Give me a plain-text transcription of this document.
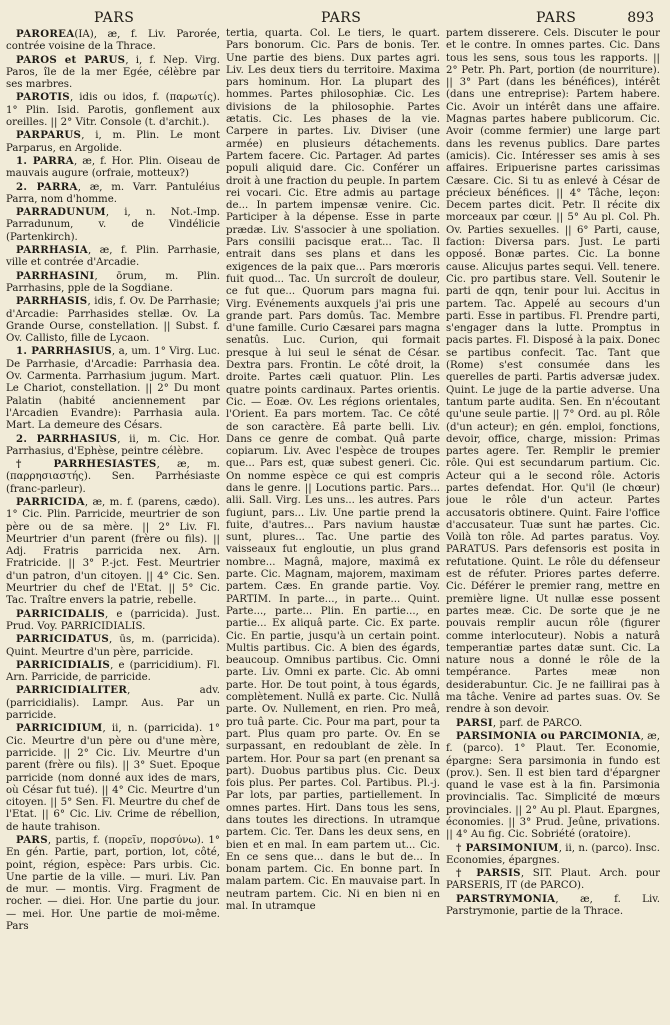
PARS	PARS	PARS	893

PAROREA(IA), æ, f. Liv. Parorée, contrée voisine de la Thrace.

PAROS et PARUS, i, f. Nep. Virg. Paros, île de la mer Egée, célèbre par ses marbres.

PAROTIS, idis ou idos, f. (παρωτίς). 1° Plin. Isid. Parotis, gonflement aux oreilles. || 2° Vitr. Console (t. d'archit.).

PARPARUS, i, m. Plin. Le mont Parparus, en Argolide.

1. PARRA, æ, f. Hor. Plin. Oiseau de mauvais augure (orfraie, motteux?)

2. PARRA, æ, m. Varr. Pantuléius Parra, nom d'homme.

PARRADUNUM, i, n. Not.-Imp. Parradunum, v. de Vindélicie (Partenkirch).

PARRHASIA, æ, f. Plin. Parrhasie, ville et contrée d'Arcadie.

PARRHASINI, ōrum, m. Plin. Parrhasins, pple de la Sogdiane.

PARRHASIS, idis, f. Ov. De Parrhasie; d'Arcadie: Parrhasides stellæ. Ov. La Grande Ourse, constellation. || Subst. f. Ov. Callisto, fille de Lycaon.

1. PARRHASIUS, a, um. 1° Virg. Luc. De Parrhasie, d'Arcadie: Parrhasia dea. Ov. Carmenta. Parrhasium jugum. Mart. Le Chariot, constellation. || 2° Du mont Palatin (habité anciennement par l'Arcadien Evandre): Parrhasia aula. Mart. La demeure des Césars.

2. PARRHASIUS, ii, m. Cic. Hor. Parrhasius, d'Ephèse, peintre célèbre.

† PARRHESIASTES, æ, m. (παρρησιαστής). Sen. Parrhésiaste (franc-parleur).

PARRICIDA, æ, m. f. (parens, cædo). 1° Cic. Plin. Parricide, meurtrier de son père ou de sa mère. || 2° Liv. Fl. Meurtrier d'un parent (frère ou fils). || Adj. Fratris parricida nex. Arn. Fratricide. || 3° P.-jct. Fest. Meurtrier d'un patron, d'un citoyen. || 4° Cic. Sen. Meurtrier du chef de l'Etat. || 5° Cic. Tac. Traître envers la patrie, rebelle.

PARRICIDALIS, e (parricida). Just. Prud. Voy. PARRICIDIALIS.

PARRICIDATUS, ūs, m. (parricida). Quint. Meurtre d'un père, parricide.

PARRICIDIALIS, e (parricidium). Fl. Arn. Parricide, de parricide.

PARRICIDIALITER, adv. (parricidialis). Lampr. Aus. Par un parricide.

PARRICIDIUM, ii, n. (parricida). 1° Cic. Meurtre d'un père ou d'une mère, parricide. || 2° Cic. Liv. Meurtre d'un parent (frère ou fils). || 3° Suet. Epoque parricide (nom donné aux ides de mars, où César fut tué). || 4° Cic. Meurtre d'un citoyen. || 5° Sen. Fl. Meurtre du chef de l'Etat. || 6° Cic. Liv. Crime de rébellion, de haute trahison.

PARS, partis, f. (πορεῖν, πορσύνω). 1° En gén. Partie, part, portion, lot, côté, point, région, espèce: Pars urbis. Cic. Une partie de la ville. — muri. Liv. Pan de mur. — montis. Virg. Fragment de rocher. — diei. Hor. Une partie du jour. — mei. Hor. Une partie de moi-même. Pars

tertia, quarta. Col. Le tiers, le quart. Pars bonorum. Cic. Pars de bonis. Ter. Une partie des biens. Dux partes agri. Liv. Les deux tiers du territoire. Maxima pars hominum. Hor. La plupart des hommes. Partes philosophiæ. Cic. Les divisions de la philosophie. Partes ætatis. Cic. Les phases de la vie. Carpere in partes. Liv. Diviser (une armée) en plusieurs détachements. Partem facere. Cic. Partager. Ad partes populi aliquid dare. Cic. Conférer un droit à une fraction du peuple. In partem rei vocari. Cic. Etre admis au partage de... In partem impensæ venire. Cic. Participer à la dépense. Esse in parte prædæ. Liv. S'associer à une spoliation. Pars consilii pacisque erat... Tac. Il entrait dans ses plans et dans les exigences de la paix que... Pars mœroris fuit quod... Tac. Un surcroît de douleur, ce fut que... Quorum pars magna fui. Virg. Evénements auxquels j'ai pris une grande part. Pars domûs. Tac. Membre d'une famille. Curio Cæsarei pars magna senatûs. Luc. Curion, qui formait presque à lui seul le sénat de César. Dextra pars. Frontin. Le côté droit, la droite. Partes cæli quatuor. Plin. Les quatre points cardinaux. Partes orientis. Cic. — Eoæ. Ov. Les régions orientales, l'Orient. Ea pars mortem. Tac. Ce côté de son caractère. Eâ parte belli. Liv. Dans ce genre de combat. Quâ parte copiarum. Liv. Avec l'espèce de troupes que... Pars est, quæ subest generi. Cic. On nomme espèce ce qui est compris dans le genre. || Locutions partic. Pars... alii. Sall. Virg. Les uns... les autres. Pars fugiunt, pars... Liv. Une partie prend la fuite, d'autres... Pars navium haustæ sunt, plures... Tac. Une partie des vaisseaux fut engloutie, un plus grand nombre... Magnâ, majore, maximâ ex parte. Cic. Magnam, majorem, maximam partem. Cæs. En grande partie. Voy. PARTIM. In parte..., in parte... Quint. Parte..., parte... Plin. En partie..., en partie... Ex aliquâ parte. Cic. Ex parte. Cic. En partie, jusqu'à un certain point. Multis partibus. Cic. A bien des égards, beaucoup. Omnibus partibus. Cic. Omni parte. Liv. Omni ex parte. Cic. Ab omni parte. Hor. De tout point, à tous égards, complètement. Nullâ ex parte. Cic. Nullâ parte. Ov. Nullement, en rien. Pro meâ, pro tuâ parte. Cic. Pour ma part, pour ta part. Plus quam pro parte. Ov. En se surpassant, en redoublant de zèle. In partem. Hor. Pour sa part (en prenant sa part). Duobus partibus plus. Cic. Deux fois plus. Per partes. Col. Partibus. Pl.-j. Par lots, par parties, partiellement. In omnes partes. Hirt. Dans tous les sens, dans toutes les directions. In utramque partem. Cic. Ter. Dans les deux sens, en bien et en mal. In eam partem ut... Cic. En ce sens que... dans le but de... In bonam partem. Cic. En bonne part. In malam partem. Cic. En mauvaise part. In neutram partem. Cic. Ni en bien ni en mal. In utramque

partem disserere. Cels. Discuter le pour et le contre. In omnes partes. Cic. Dans tous les sens, sous tous les rapports. || 2° Petr. Ph. Part, portion (de nourriture). || 3° Part (dans les bénéfices), intérêt (dans une entreprise): Partem habere. Cic. Avoir un intérêt dans une affaire. Magnas partes habere publicorum. Cic. Avoir (comme fermier) une large part dans les revenus publics. Dare partes (amicis). Cic. Intéresser ses amis à ses affaires. Eripuerisne partes carissimas Cæsare. Cic. Si tu as enlevé à César de précieux bénéfices. || 4° Tâche, leçon: Decem partes dicit. Petr. Il récite dix morceaux par cœur. || 5° Au pl. Col. Ph. Ov. Parties sexuelles. || 6° Parti, cause, faction: Diversa pars. Just. Le parti opposé. Bonæ partes. Cic. La bonne cause. Alicujus partes sequi. Vell. tenere. Cic. pro partibus stare. Vell. Soutenir le parti de qqn, tenir pour lui. Accitus in partem. Tac. Appelé au secours d'un parti. Esse in partibus. Fl. Prendre parti, s'engager dans la lutte. Promptus in pacis partes. Fl. Disposé à la paix. Donec se partibus confecit. Tac. Tant que (Rome) s'est consumée dans les querelles de parti. Partis adversæ judex. Quint. Le juge de la partie adverse. Una tantum parte audita. Sen. En n'écoutant qu'une seule partie. || 7° Ord. au pl. Rôle (d'un acteur); en gén. emploi, fonctions, devoir, office, charge, mission: Primas partes agere. Ter. Remplir le premier rôle. Qui est secundarum partium. Cic. Acteur qui a le second rôle. Actoris partes defendat. Hor. Qu'il (le chœur) joue le rôle d'un acteur. Partes accusatoris obtinere. Quint. Faire l'office d'accusateur. Tuæ sunt hæ partes. Cic. Voilà ton rôle. Ad partes paratus. Voy. PARATUS. Pars defensoris est posita in refutatione. Quint. Le rôle du défenseur est de réfuter. Priores partes deferre. Cic. Déférer le premier rang, mettre en première ligne. Ut nullæ esse possent partes meæ. Cic. De sorte que je ne pouvais remplir aucun rôle (figurer comme interlocuteur). Nobis a naturâ temperantiæ partes datæ sunt. Cic. La nature nous a donné le rôle de la tempérance. Partes meæ non desiderabuntur. Cic. Je ne faillirai pas à ma tâche. Venire ad partes suas. Ov. Se rendre à son devoir.

PARSI, parf. de PARCO.

PARSIMONIA ou PARCIMONIA, æ, f. (parco). 1° Plaut. Ter. Economie, épargne: Sera parsimonia in fundo est (prov.). Sen. Il est bien tard d'épargner quand le vase est à la fin. Parsimonia provincialis. Tac. Simplicité de mœurs provinciales. || 2° Au pl. Plaut. Epargnes, économies. || 3° Prud. Jeûne, privations. || 4° Au fig. Cic. Sobriété (oratoire).

† PARSIMONIUM, ii, n. (parco). Insc. Economies, épargnes.

† PARSIS, SIT. Plaut. Arch. pour PARSERIS, IT (de PARCO).

PARSTRYMONIA, æ, f. Liv. Parstrymonie, partie de la Thrace.
